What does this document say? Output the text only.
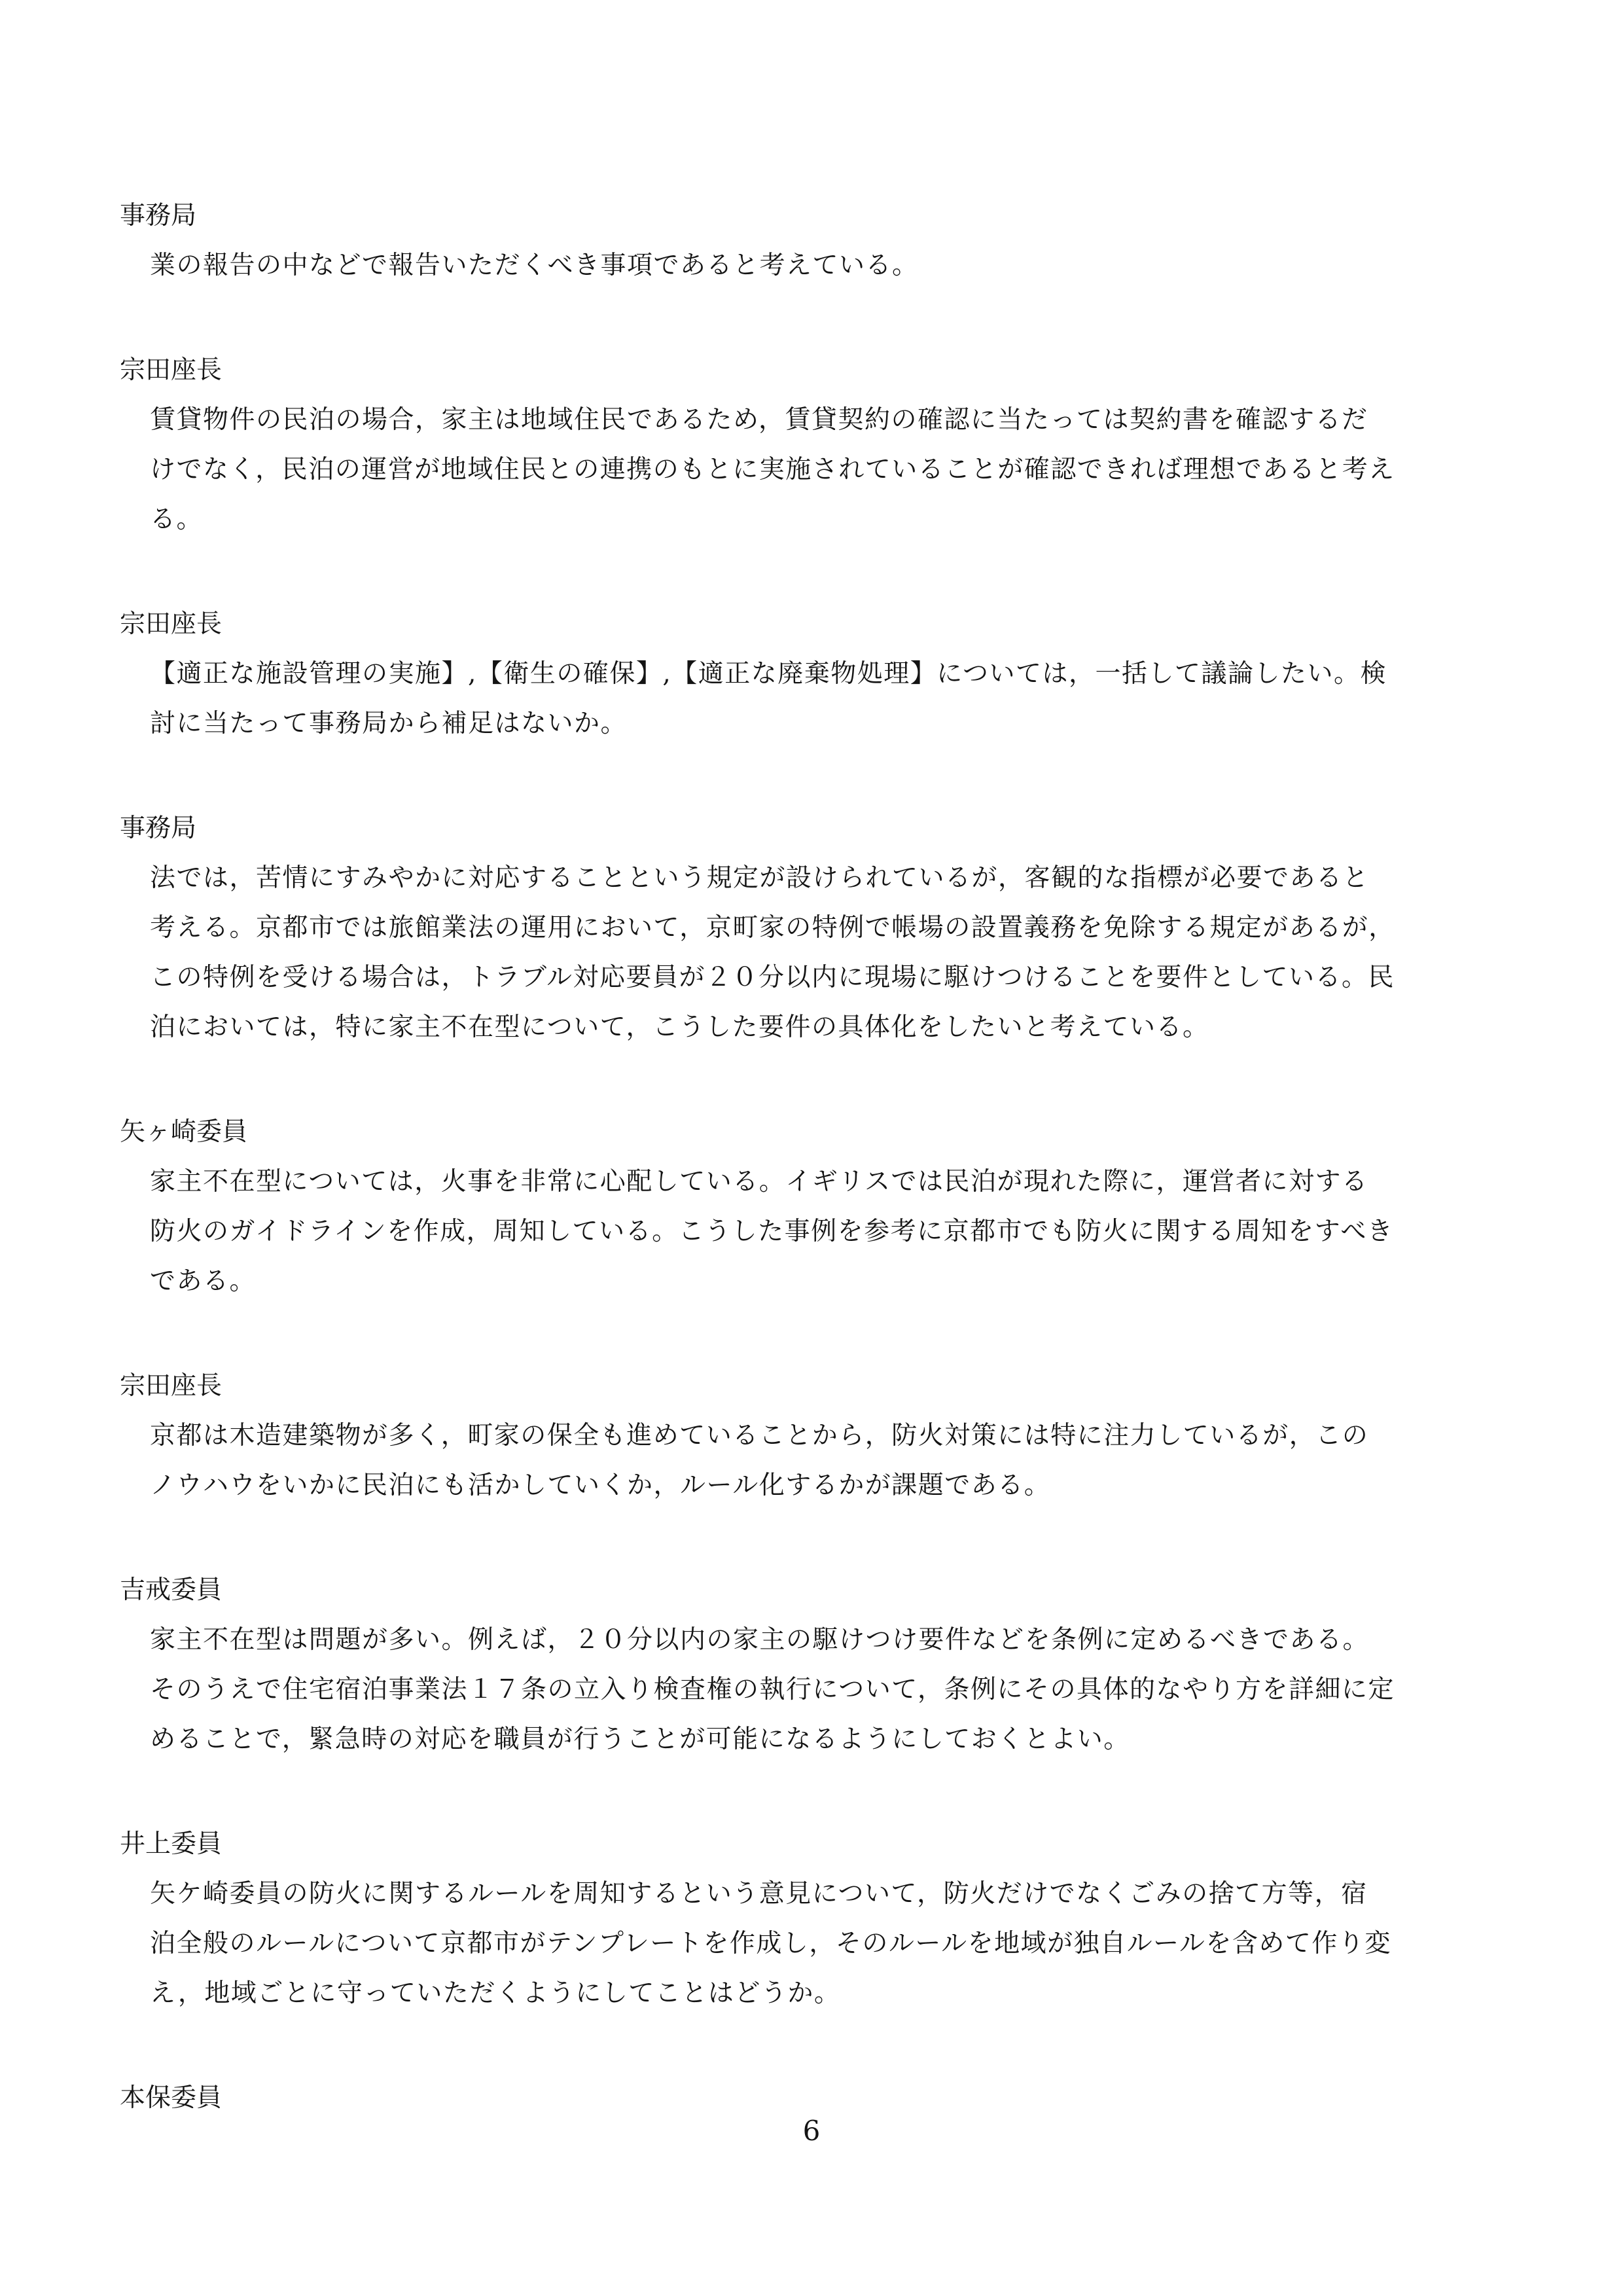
事務局

業の報告の中などで報告いただくべき事項であると考えている。

宗田座長

賃貸物件の民泊の場合，家主は地域住民であるため，賃貸契約の確認に当たっては契約書を確認するだ
けでなく，民泊の運営が地域住民との連携のもとに実施されていることが確認できれば理想であると考え
る。

宗田座長

【適正な施設管理の実施】,【衛生の確保】,【適正な廃棄物処理】については，一括して議論したい。検
討に当たって事務局から補足はないか。

事務局

法では，苦情にすみやかに対応することという規定が設けられているが，客観的な指標が必要であると
考える。京都市では旅館業法の運用において，京町家の特例で帳場の設置義務を免除する規定があるが，
この特例を受ける場合は，トラブル対応要員が２０分以内に現場に駆けつけることを要件としている。民
泊においては，特に家主不在型について，こうした要件の具体化をしたいと考えている。

矢ヶ崎委員

家主不在型については，火事を非常に心配している。イギリスでは民泊が現れた際に，運営者に対する
防火のガイドラインを作成，周知している。こうした事例を参考に京都市でも防火に関する周知をすべき
である。

宗田座長

京都は木造建築物が多く，町家の保全も進めていることから，防火対策には特に注力しているが，この
ノウハウをいかに民泊にも活かしていくか，ルール化するかが課題である。

吉戒委員

家主不在型は問題が多い。例えば，２０分以内の家主の駆けつけ要件などを条例に定めるべきである。
そのうえで住宅宿泊事業法１７条の立入り検査権の執行について，条例にその具体的なやり方を詳細に定
めることで，緊急時の対応を職員が行うことが可能になるようにしておくとよい。

井上委員

矢ケ崎委員の防火に関するルールを周知するという意見について，防火だけでなくごみの捨て方等，宿
泊全般のルールについて京都市がテンプレートを作成し，そのルールを地域が独自ルールを含めて作り変
え，地域ごとに守っていただくようにしてことはどうか。

本保委員
6
